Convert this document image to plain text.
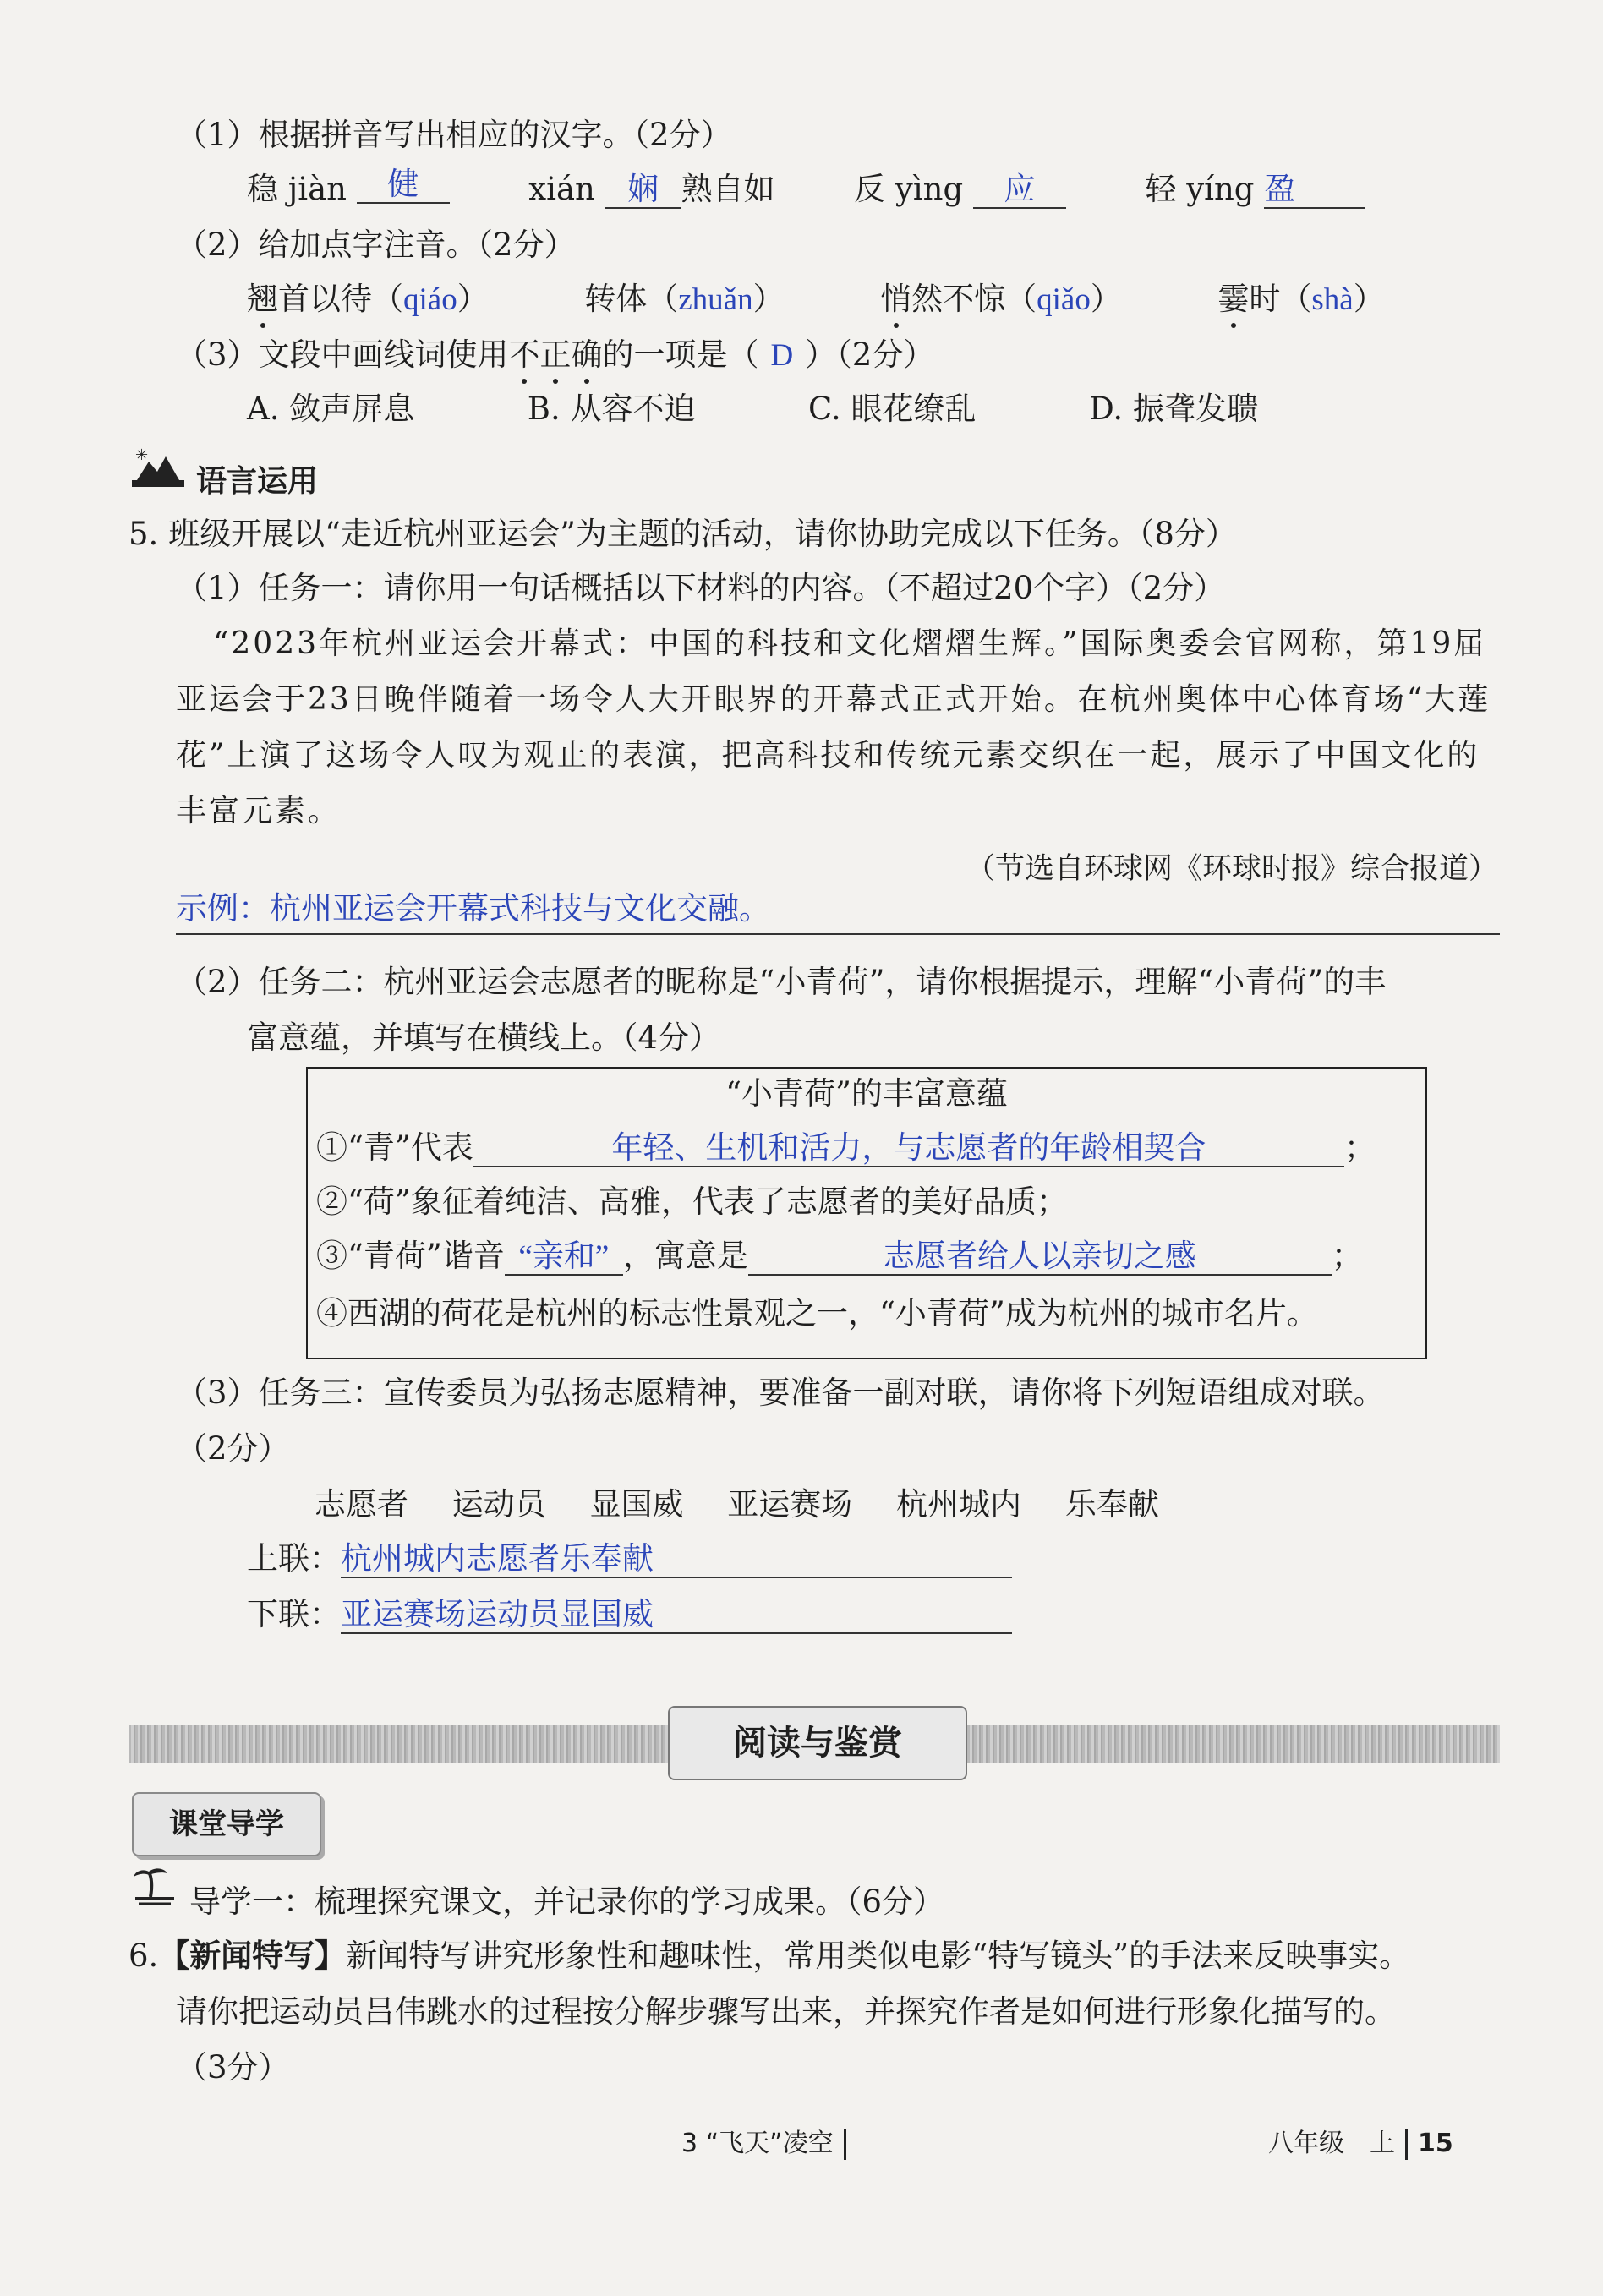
（1）根据拼音写出相应的汉字。（2分）
稳 jiàn 健	xián 娴 熟自如	反 yìng 应	轻 yíng 盈
（2）给加点字注音。（2分）
翘首以待（qiáo）	转体（zhuǎn）	悄然不惊（qiǎo）	霎时（shà）
（3）文段中画线词使用不正确的一项是（ D ）（2分）
A. 敛声屏息	B. 从容不迫	C. 眼花缭乱	D. 振聋发聩
✳
语言运用
5. 班级开展以“走近杭州亚运会”为主题的活动，请你协助完成以下任务。（8分）
（1）任务一：请你用一句话概括以下材料的内容。（不超过20个字）（2分）
“2023年杭州亚运会开幕式：中国的科技和文化熠熠生辉。”国际奥委会官网称，第19届
亚运会于23日晚伴随着一场令人大开眼界的开幕式正式开始。在杭州奥体中心体育场“大莲
花”上演了这场令人叹为观止的表演，把高科技和传统元素交织在一起，展示了中国文化的
丰富元素。
（节选自环球网《环球时报》综合报道）
示例：杭州亚运会开幕式科技与文化交融。
（2）任务二：杭州亚运会志愿者的昵称是“小青荷”，请你根据提示，理解“小青荷”的丰
富意蕴，并填写在横线上。（4分）
“小青荷”的丰富意蕴
①“青”代表	年轻、生机和活力，与志愿者的年龄相契合	；
②“荷”象征着纯洁、高雅，代表了志愿者的美好品质；
③“青荷”谐音 “亲和” ，寓意是	志愿者给人以亲切之感	；
④西湖的荷花是杭州的标志性景观之一，“小青荷”成为杭州的城市名片。
（3）任务三：宣传委员为弘扬志愿精神，要准备一副对联，请你将下列短语组成对联。
（2分）
志愿者 运动员 显国威 亚运赛场 杭州城内 乐奉献
上联：杭州城内志愿者乐奉献
下联：亚运赛场运动员显国威
阅读与鉴赏
课堂导学
导学一：梳理探究课文，并记录你的学习成果。（6分）
6.【新闻特写】新闻特写讲究形象性和趣味性，常用类似电影“特写镜头”的手法来反映事实。
请你把运动员吕伟跳水的过程按分解步骤写出来，并探究作者是如何进行形象化描写的。
（3分）
3 “飞天”凌空	八年级　上 15
